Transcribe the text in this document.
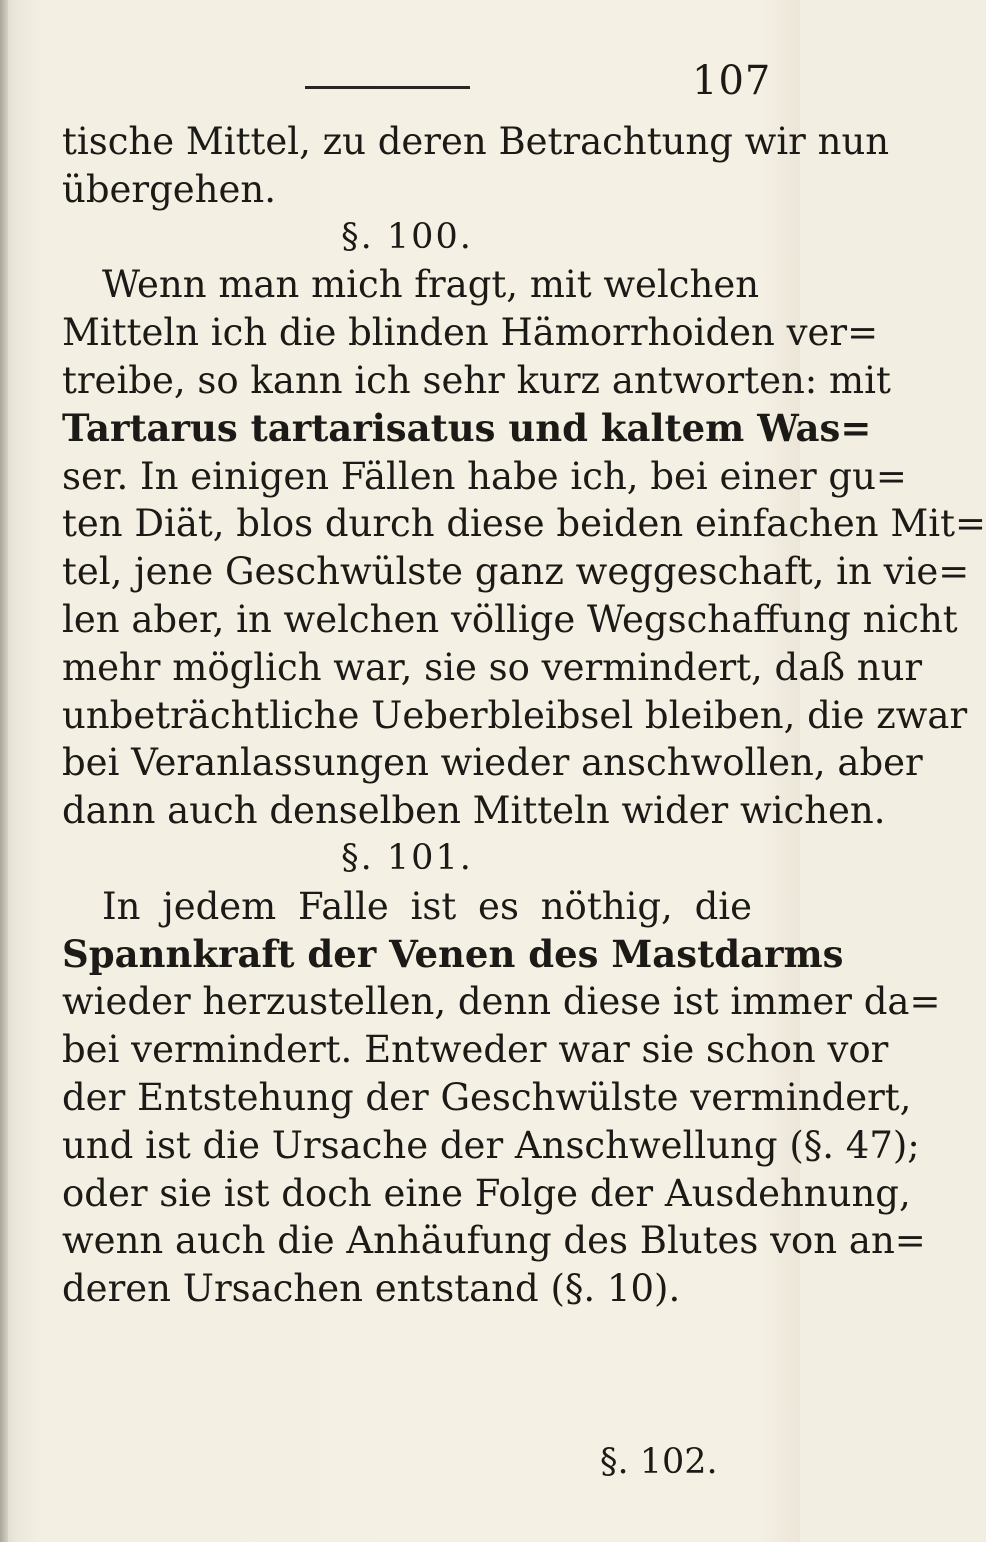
107
tische Mittel, zu deren Betrachtung wir nun
übergehen.
§. 100.
Wenn man mich fragt, mit welchen
Mitteln ich die blinden Hämorrhoiden ver=
treibe, so kann ich sehr kurz antworten: mit
Tartarus tartarisatus und kaltem Was=
ser. In einigen Fällen habe ich, bei einer gu=
ten Diät, blos durch diese beiden einfachen Mit=
tel, jene Geschwülste ganz weggeschaft, in vie=
len aber, in welchen völlige Wegschaffung nicht
mehr möglich war, sie so vermindert, daß nur
unbeträchtliche Ueberbleibsel bleiben, die zwar
bei Veranlassungen wieder anschwollen, aber
dann auch denselben Mitteln wider wichen.
§. 101.
In jedem Falle ist es nöthig, die
Spannkraft der Venen des Mastdarms
wieder herzustellen, denn diese ist immer da=
bei vermindert. Entweder war sie schon vor
der Entstehung der Geschwülste vermindert,
und ist die Ursache der Anschwellung (§. 47);
oder sie ist doch eine Folge der Ausdehnung,
wenn auch die Anhäufung des Blutes von an=
deren Ursachen entstand (§. 10).
§. 102.
